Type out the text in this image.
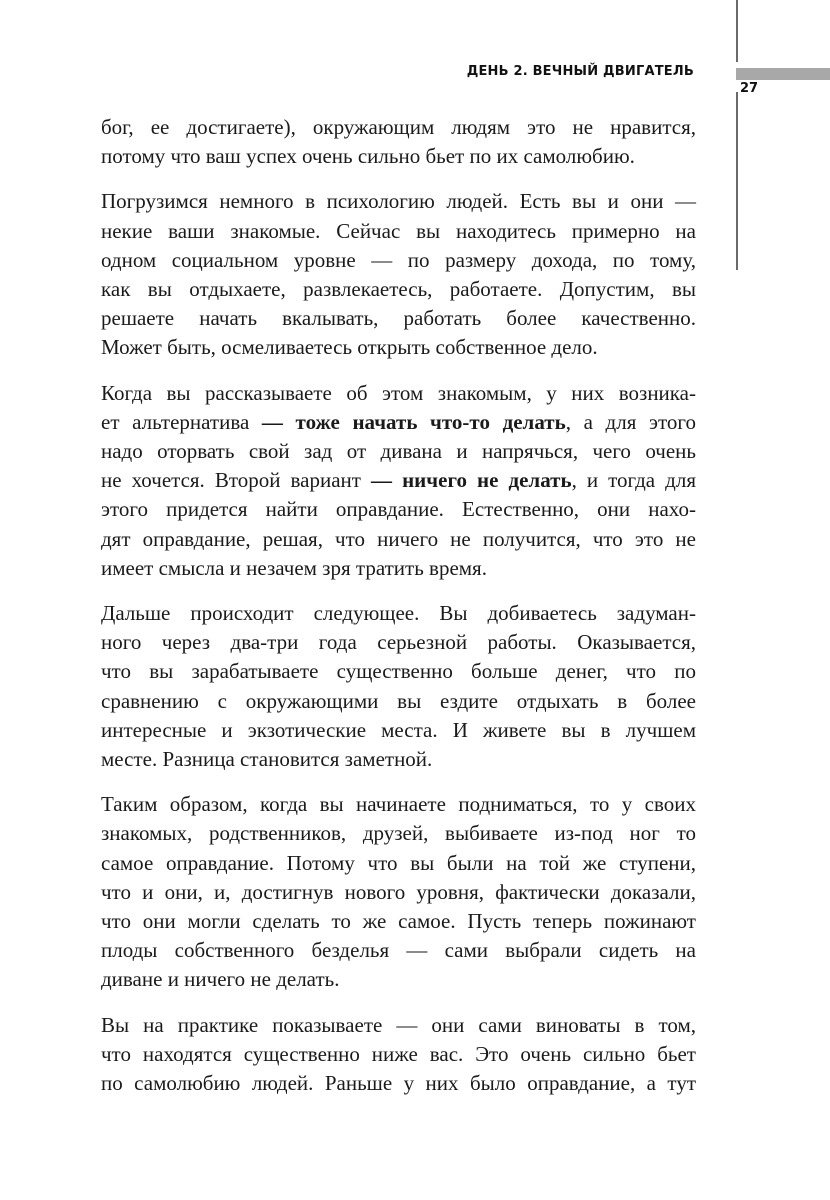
ДЕНЬ 2. ВЕЧНЫЙ ДВИГАТЕЛЬ
27

бог, ее достигаете), окружающим людям это не нравится,
потому что ваш успех очень сильно бьет по их самолюбию.

Погрузимся немного в психологию людей. Есть вы и они —
некие ваши знакомые. Сейчас вы находитесь примерно на
одном социальном уровне — по размеру дохода, по тому,
как вы отдыхаете, развлекаетесь, работаете. Допустим, вы
решаете начать вкалывать, работать более качественно.
Может быть, осмеливаетесь открыть собственное дело.

Когда вы рассказываете об этом знакомым, у них возника-
ет альтернатива — тоже начать что-то делать, а для этого
надо оторвать свой зад от дивана и напрячься, чего очень
не хочется. Второй вариант — ничего не делать, и тогда для
этого придется найти оправдание. Естественно, они нахо-
дят оправдание, решая, что ничего не получится, что это не
имеет смысла и незачем зря тратить время.

Дальше происходит следующее. Вы добиваетесь задуман-
ного через два-три года серьезной работы. Оказывается,
что вы зарабатываете существенно больше денег, что по
сравнению с окружающими вы ездите отдыхать в более
интересные и экзотические места. И живете вы в лучшем
месте. Разница становится заметной.

Таким образом, когда вы начинаете подниматься, то у своих
знакомых, родственников, друзей, выбиваете из-под ног то
самое оправдание. Потому что вы были на той же ступени,
что и они, и, достигнув нового уровня, фактически доказали,
что они могли сделать то же самое. Пусть теперь пожинают
плоды собственного безделья — сами выбрали сидеть на
диване и ничего не делать.

Вы на практике показываете — они сами виноваты в том,
что находятся существенно ниже вас. Это очень сильно бьет
по самолюбию людей. Раньше у них было оправдание, а тут
